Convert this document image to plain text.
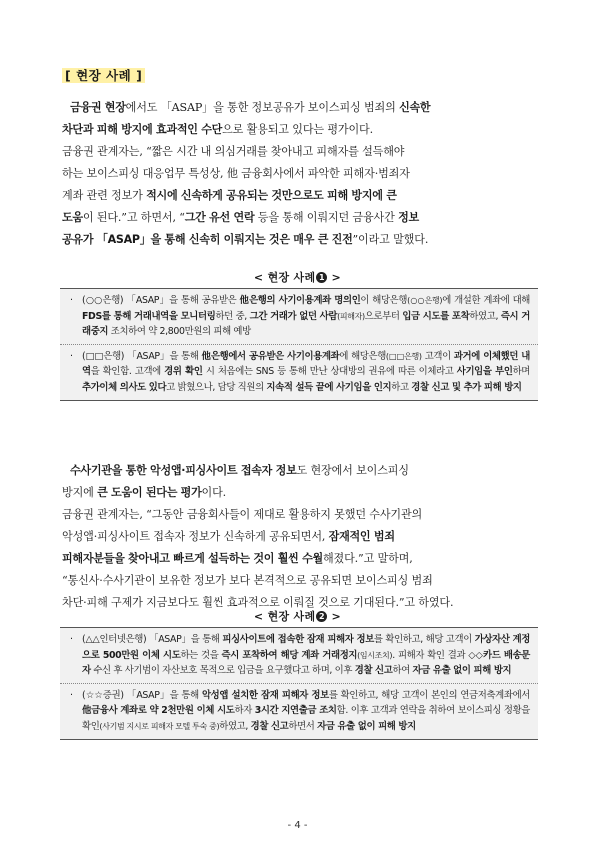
[ 현장 사례 ]
금융권 현장에서도 「ASAP」을 통한 정보공유가 보이스피싱 범죄의 신속한
차단과 피해 방지에 효과적인 수단으로 활용되고 있다는 평가이다.
금융권 관계자는, “짧은 시간 내 의심거래를 찾아내고 피해자를 설득해야
하는 보이스피싱 대응업무 특성상, 他 금융회사에서 파악한 피해자·범죄자
계좌 관련 정보가 적시에 신속하게 공유되는 것만으로도 피해 방지에 큰
도움이 된다.”고 하면서, “그간 유선 연락 등을 통해 이뤄지던 금융사간 정보
공유가 「ASAP」을 통해 신속히 이뤄지는 것은 매우 큰 진전”이라고 말했다.
< 현장 사례 1 >
· (○○은행) 「ASAP」을 통해 공유받은 他은행의 사기이용계좌 명의인이 해당은행(○○은행)에 개설한 계좌에 대해 FDS를 통해 거래내역을 모니터링하던 중, 그간 거래가 없던 사람(피해자)으로부터 입금 시도를 포착하였고, 즉시 거래중지 조치하여 약 2,800만원의 피해 예방
· (□□은행) 「ASAP」을 통해 他은행에서 공유받은 사기이용계좌에 해당은행(□□은행) 고객이 과거에 이체했던 내역을 확인함. 고객에 경위 확인 시 처음에는 SNS 등 통해 만난 상대방의 권유에 따른 이체라고 사기임을 부인하며 추가이체 의사도 있다고 밝혔으나, 담당 직원의 지속적 설득 끝에 사기임을 인지하고 경찰 신고 및 추가 피해 방지
수사기관을 통한 악성앱·피싱사이트 접속자 정보도 현장에서 보이스피싱
방지에 큰 도움이 된다는 평가이다.
금융권 관계자는, “그동안 금융회사들이 제대로 활용하지 못했던 수사기관의
악성앱·피싱사이트 접속자 정보가 신속하게 공유되면서, 잠재적인 범죄
피해자분들을 찾아내고 빠르게 설득하는 것이 훨씬 수월해졌다.”고 말하며,
“통신사·수사기관이 보유한 정보가 보다 본격적으로 공유되면 보이스피싱 범죄
차단·피해 구제가 지금보다도 훨씬 효과적으로 이뤄질 것으로 기대된다.”고 하였다.
< 현장 사례 2 >
· (△△인터넷은행) 「ASAP」을 통해 피싱사이트에 접속한 잠재 피해자 정보를 확인하고, 해당 고객이 가상자산 계정으로 500만원 이체 시도하는 것을 즉시 포착하여 해당 계좌 거래정지(임시조치). 피해자 확인 결과 ◇◇카드 배송문자 수신 후 사기범이 자산보호 목적으로 입금을 요구했다고 하며, 이후 경찰 신고하여 자금 유출 없이 피해 방지
· (☆☆증권) 「ASAP」을 통해 악성앱 설치한 잠재 피해자 정보를 확인하고, 해당 고객이 본인의 연금저축계좌에서 他금융사 계좌로 약 2천만원 이체 시도하자 3시간 지연출금 조치함. 이후 고객과 연락을 취하여 보이스피싱 정황을 확인(사기범 지시로 피해자 모텔 투숙 중)하였고, 경찰 신고하면서 자금 유출 없이 피해 방지
- 4 -
